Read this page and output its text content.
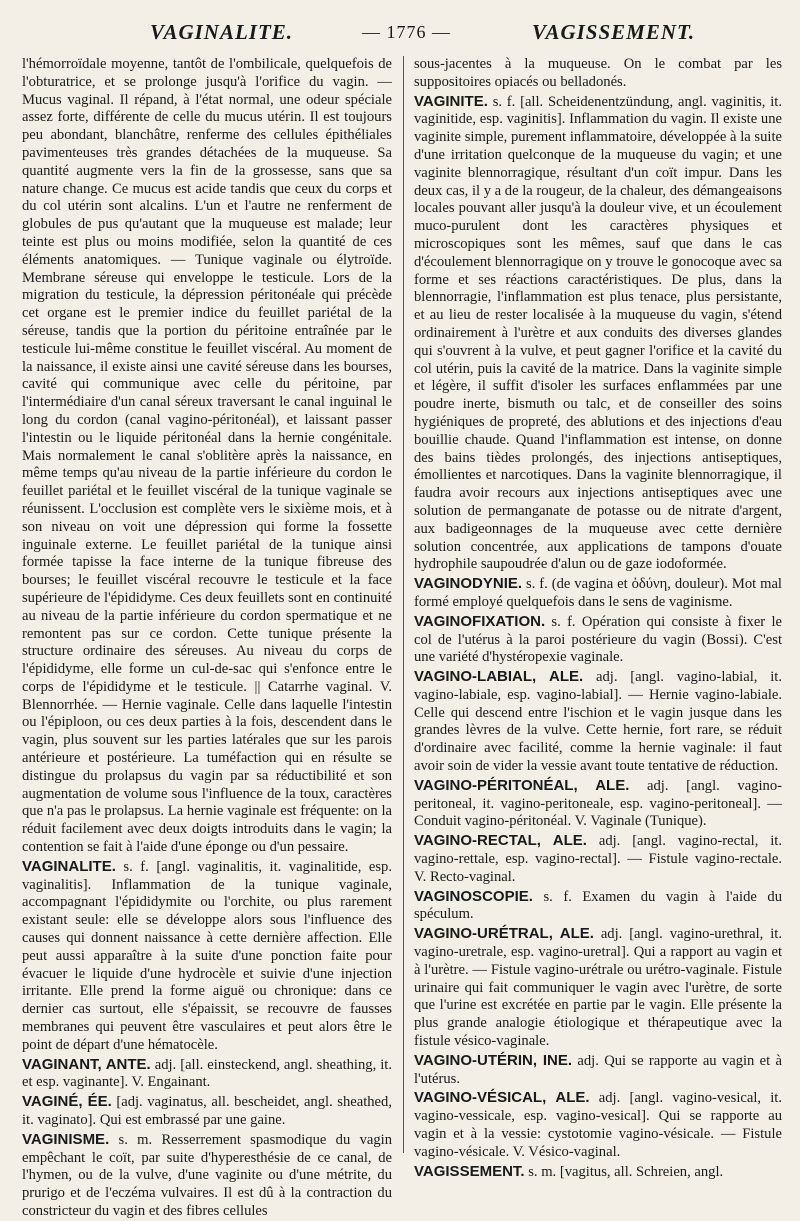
VAGINALITE.	— 1776 —	VAGISSEMENT.

l'hémorroïdale moyenne, tantôt de l'ombilicale, quelquefois de l'obturatrice, et se prolonge jusqu'à l'orifice du vagin. — Mucus vaginal. Il répand, à l'état normal, une odeur spéciale assez forte, différente de celle du mucus utérin. Il est toujours peu abondant, blanchâtre, renferme des cellules épithéliales pavimenteuses très grandes détachées de la muqueuse. Sa quantité augmente vers la fin de la grossesse, sans que sa nature change. Ce mucus est acide tandis que ceux du corps et du col utérin sont alcalins. L'un et l'autre ne renferment de globules de pus qu'autant que la muqueuse est malade; leur teinte est plus ou moins modifiée, selon la quantité de ces éléments anatomiques. — Tunique vaginale ou élytroïde. Membrane séreuse qui enveloppe le testicule. Lors de la migration du testicule, la dépression péritonéale qui précède cet organe est le premier indice du feuillet pariétal de la séreuse, tandis que la portion du péritoine entraînée par le testicule lui-même constitue le feuillet viscéral. Au moment de la naissance, il existe ainsi une cavité séreuse dans les bourses, cavité qui communique avec celle du péritoine, par l'intermédiaire d'un canal séreux traversant le canal inguinal le long du cordon (canal vagino-péritonéal), et laissant passer l'intestin ou le liquide péritonéal dans la hernie congénitale. Mais normalement le canal s'oblitère après la naissance, en même temps qu'au niveau de la partie inférieure du cordon le feuillet pariétal et le feuillet viscéral de la tunique vaginale se réunissent. L'occlusion est complète vers le sixième mois, et à son niveau on voit une dépression qui forme la fossette inguinale externe. Le feuillet pariétal de la tunique ainsi formée tapisse la face interne de la tunique fibreuse des bourses; le feuillet viscéral recouvre le testicule et la face supérieure de l'épididyme. Ces deux feuillets sont en continuité au niveau de la partie inférieure du cordon spermatique et ne remontent pas sur ce cordon. Cette tunique présente la structure ordinaire des séreuses. Au niveau du corps de l'épididyme, elle forme un cul-de-sac qui s'enfonce entre le corps de l'épididyme et le testicule. || Catarrhe vaginal. V. Blennorrhée. — Hernie vaginale. Celle dans laquelle l'intestin ou l'épiploon, ou ces deux parties à la fois, descendent dans le vagin, plus souvent sur les parties latérales que sur les parois antérieure et postérieure. La tuméfaction qui en résulte se distingue du prolapsus du vagin par sa réductibilité et son augmentation de volume sous l'influence de la toux, caractères que n'a pas le prolapsus. La hernie vaginale est fréquente: on la réduit facilement avec deux doigts introduits dans le vagin; la contention se fait à l'aide d'une éponge ou d'un pessaire.

VAGINALITE. s. f. [angl. vaginalitis, it. vaginalitide, esp. vaginalitis]. Inflammation de la tunique vaginale, accompagnant l'épididymite ou l'orchite, ou plus rarement existant seule: elle se développe alors sous l'influence des causes qui donnent naissance à cette dernière affection. Elle peut aussi apparaître à la suite d'une ponction faite pour évacuer le liquide d'une hydrocèle et suivie d'une injection irritante. Elle prend la forme aiguë ou chronique: dans ce dernier cas surtout, elle s'épaissit, se recouvre de fausses membranes qui peuvent être vasculaires et peut alors être le point de départ d'une hématocèle.

VAGINANT, ANTE. adj. [all. einsteckend, angl. sheathing, it. et esp. vaginante]. V. Engainant.

VAGINÉ, ÉE. [adj. vaginatus, all. bescheidet, angl. sheathed, it. vaginato]. Qui est embrassé par une gaine.

VAGINISME. s. m. Resserrement spasmodique du vagin empêchant le coït, par suite d'hyperesthésie de ce canal, de l'hymen, ou de la vulve, d'une vaginite ou d'une métrite, du prurigo et de l'eczéma vulvaires. Il est dû à la contraction du constricteur du vagin et des fibres cellules

sous-jacentes à la muqueuse. On le combat par les suppositoires opiacés ou belladonés.

VAGINITE. s. f. [all. Scheidenentzündung, angl. vaginitis, it. vaginitide, esp. vaginitis]. Inflammation du vagin. Il existe une vaginite simple, purement inflammatoire, développée à la suite d'une irritation quelconque de la muqueuse du vagin; et une vaginite blennorragique, résultant d'un coït impur. Dans les deux cas, il y a de la rougeur, de la chaleur, des démangeaisons locales pouvant aller jusqu'à la douleur vive, et un écoulement muco-purulent dont les caractères physiques et microscopiques sont les mêmes, sauf que dans le cas d'écoulement blennorragique on y trouve le gonocoque avec sa forme et ses réactions caractéristiques. De plus, dans la blennorragie, l'inflammation est plus tenace, plus persistante, et au lieu de rester localisée à la muqueuse du vagin, s'étend ordinairement à l'urètre et aux conduits des diverses glandes qui s'ouvrent à la vulve, et peut gagner l'orifice et la cavité du col utérin, puis la cavité de la matrice. Dans la vaginite simple et légère, il suffit d'isoler les surfaces enflammées par une poudre inerte, bismuth ou talc, et de conseiller des soins hygiéniques de propreté, des ablutions et des injections d'eau bouillie chaude. Quand l'inflammation est intense, on donne des bains tièdes prolongés, des injections antiseptiques, émollientes et narcotiques. Dans la vaginite blennorragique, il faudra avoir recours aux injections antiseptiques avec une solution de permanganate de potasse ou de nitrate d'argent, aux badigeonnages de la muqueuse avec cette dernière solution concentrée, aux applications de tampons d'ouate hydrophile saupoudrée d'alun ou de gaze iodoformée.

VAGINODYNIE. s. f. (de vagina et ὀδύνη, douleur). Mot mal formé employé quelquefois dans le sens de vaginisme.

VAGINOFIXATION. s. f. Opération qui consiste à fixer le col de l'utérus à la paroi postérieure du vagin (Bossi). C'est une variété d'hystéropexie vaginale.

VAGINO-LABIAL, ALE. adj. [angl. vagino-labial, it. vagino-labiale, esp. vagino-labial]. — Hernie vagino-labiale. Celle qui descend entre l'ischion et le vagin jusque dans les grandes lèvres de la vulve. Cette hernie, fort rare, se réduit d'ordinaire avec facilité, comme la hernie vaginale: il faut avoir soin de vider la vessie avant toute tentative de réduction.

VAGINO-PÉRITONÉAL, ALE. adj. [angl. vagino-peritoneal, it. vagino-peritoneale, esp. vagino-peritoneal]. — Conduit vagino-péritonéal. V. Vaginale (Tunique).

VAGINO-RECTAL, ALE. adj. [angl. vagino-rectal, it. vagino-rettale, esp. vagino-rectal]. — Fistule vagino-rectale. V. Recto-vaginal.

VAGINOSCOPIE. s. f. Examen du vagin à l'aide du spéculum.

VAGINO-URÉTRAL, ALE. adj. [angl. vagino-urethral, it. vagino-uretrale, esp. vagino-uretral]. Qui a rapport au vagin et à l'urètre. — Fistule vagino-urétrale ou urétro-vaginale. Fistule urinaire qui fait communiquer le vagin avec l'urètre, de sorte que l'urine est excrétée en partie par le vagin. Elle présente la plus grande analogie étiologique et thérapeutique avec la fistule vésico-vaginale.

VAGINO-UTÉRIN, INE. adj. Qui se rapporte au vagin et à l'utérus.

VAGINO-VÉSICAL, ALE. adj. [angl. vagino-vesical, it. vagino-vessicale, esp. vagino-vesical]. Qui se rapporte au vagin et à la vessie: cystotomie vagino-vésicale. — Fistule vagino-vésicale. V. Vésico-vaginal.

VAGISSEMENT. s. m. [vagitus, all. Schreien, angl.
